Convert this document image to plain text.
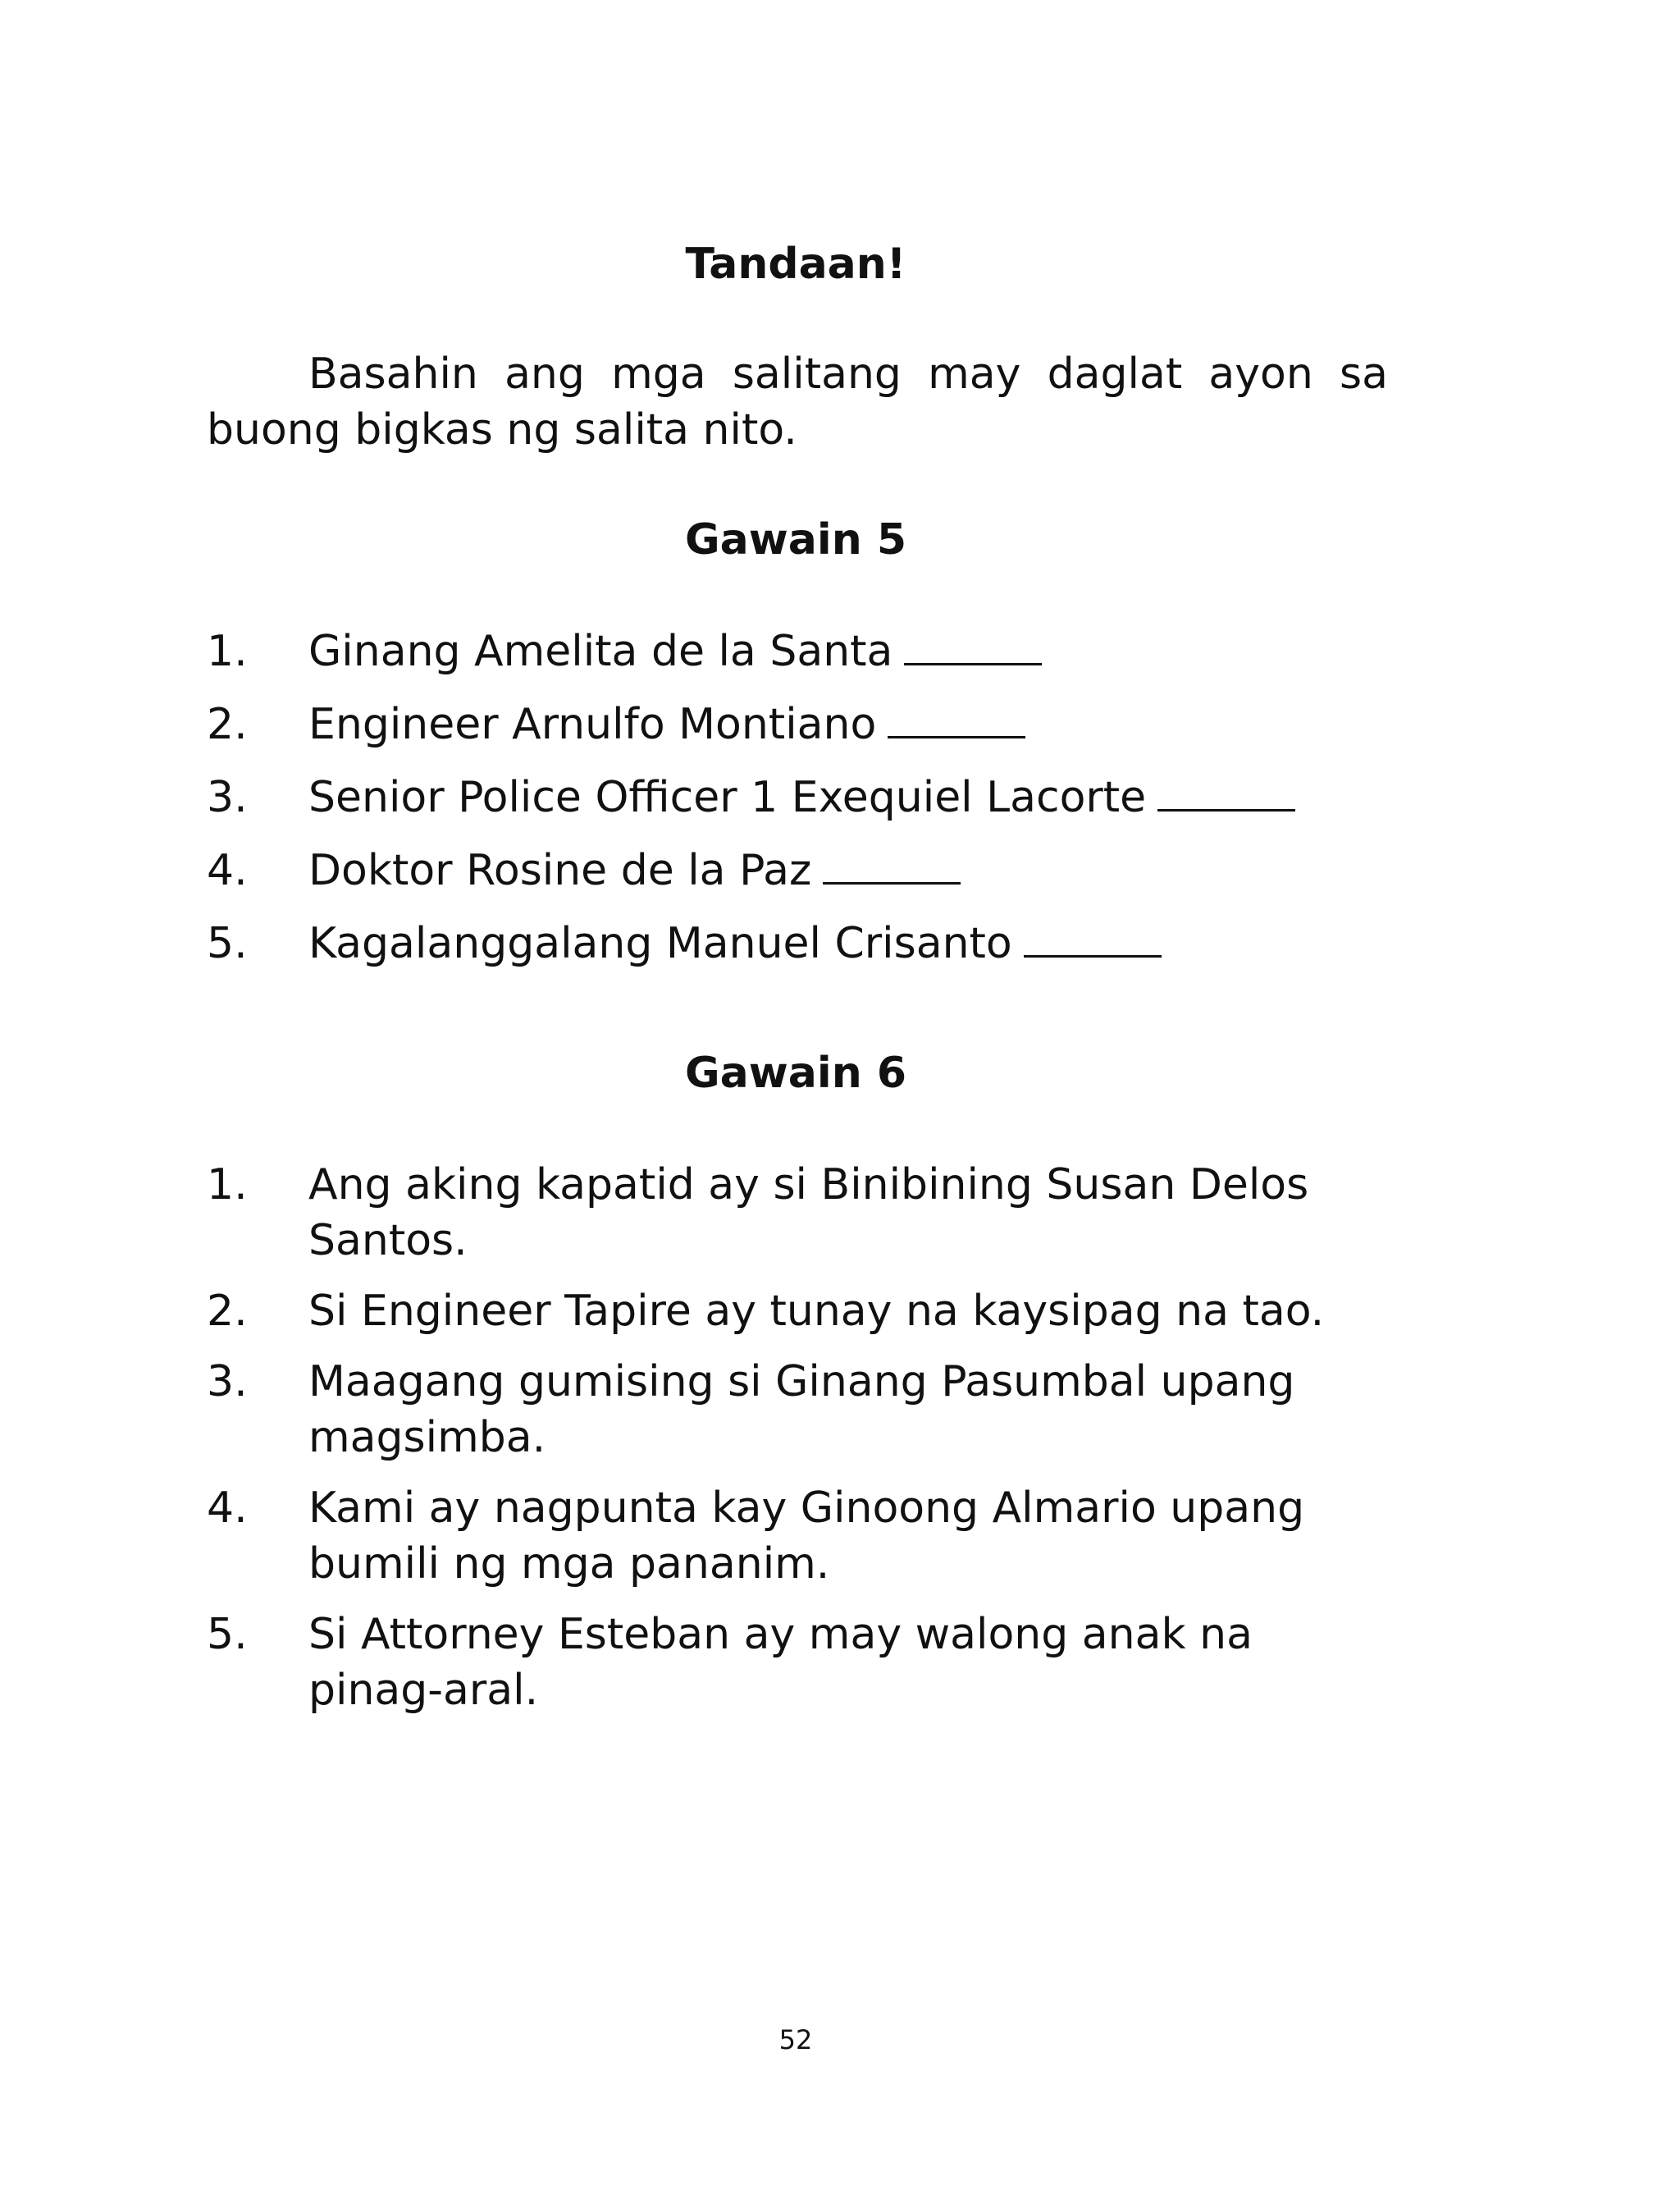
Tandaan!
Basahin ang mga salitang may daglat ayon sa buong bigkas ng salita nito.
Gawain 5
1.	Ginang Amelita de la Santa
2.	Engineer Arnulfo Montiano
3.	Senior Police Officer 1 Exequiel Lacorte
4.	Doktor Rosine de la Paz
5.	Kagalanggalang Manuel Crisanto
Gawain 6
1.	Ang aking kapatid ay si Binibining Susan Delos Santos.
2.	Si Engineer Tapire ay tunay na kaysipag na tao.
3.	Maagang gumising si Ginang Pasumbal upang magsimba.
4.	Kami ay nagpunta kay Ginoong Almario upang bumili ng mga pananim.
5.	Si Attorney Esteban ay may walong anak na pinag-aral.
52
